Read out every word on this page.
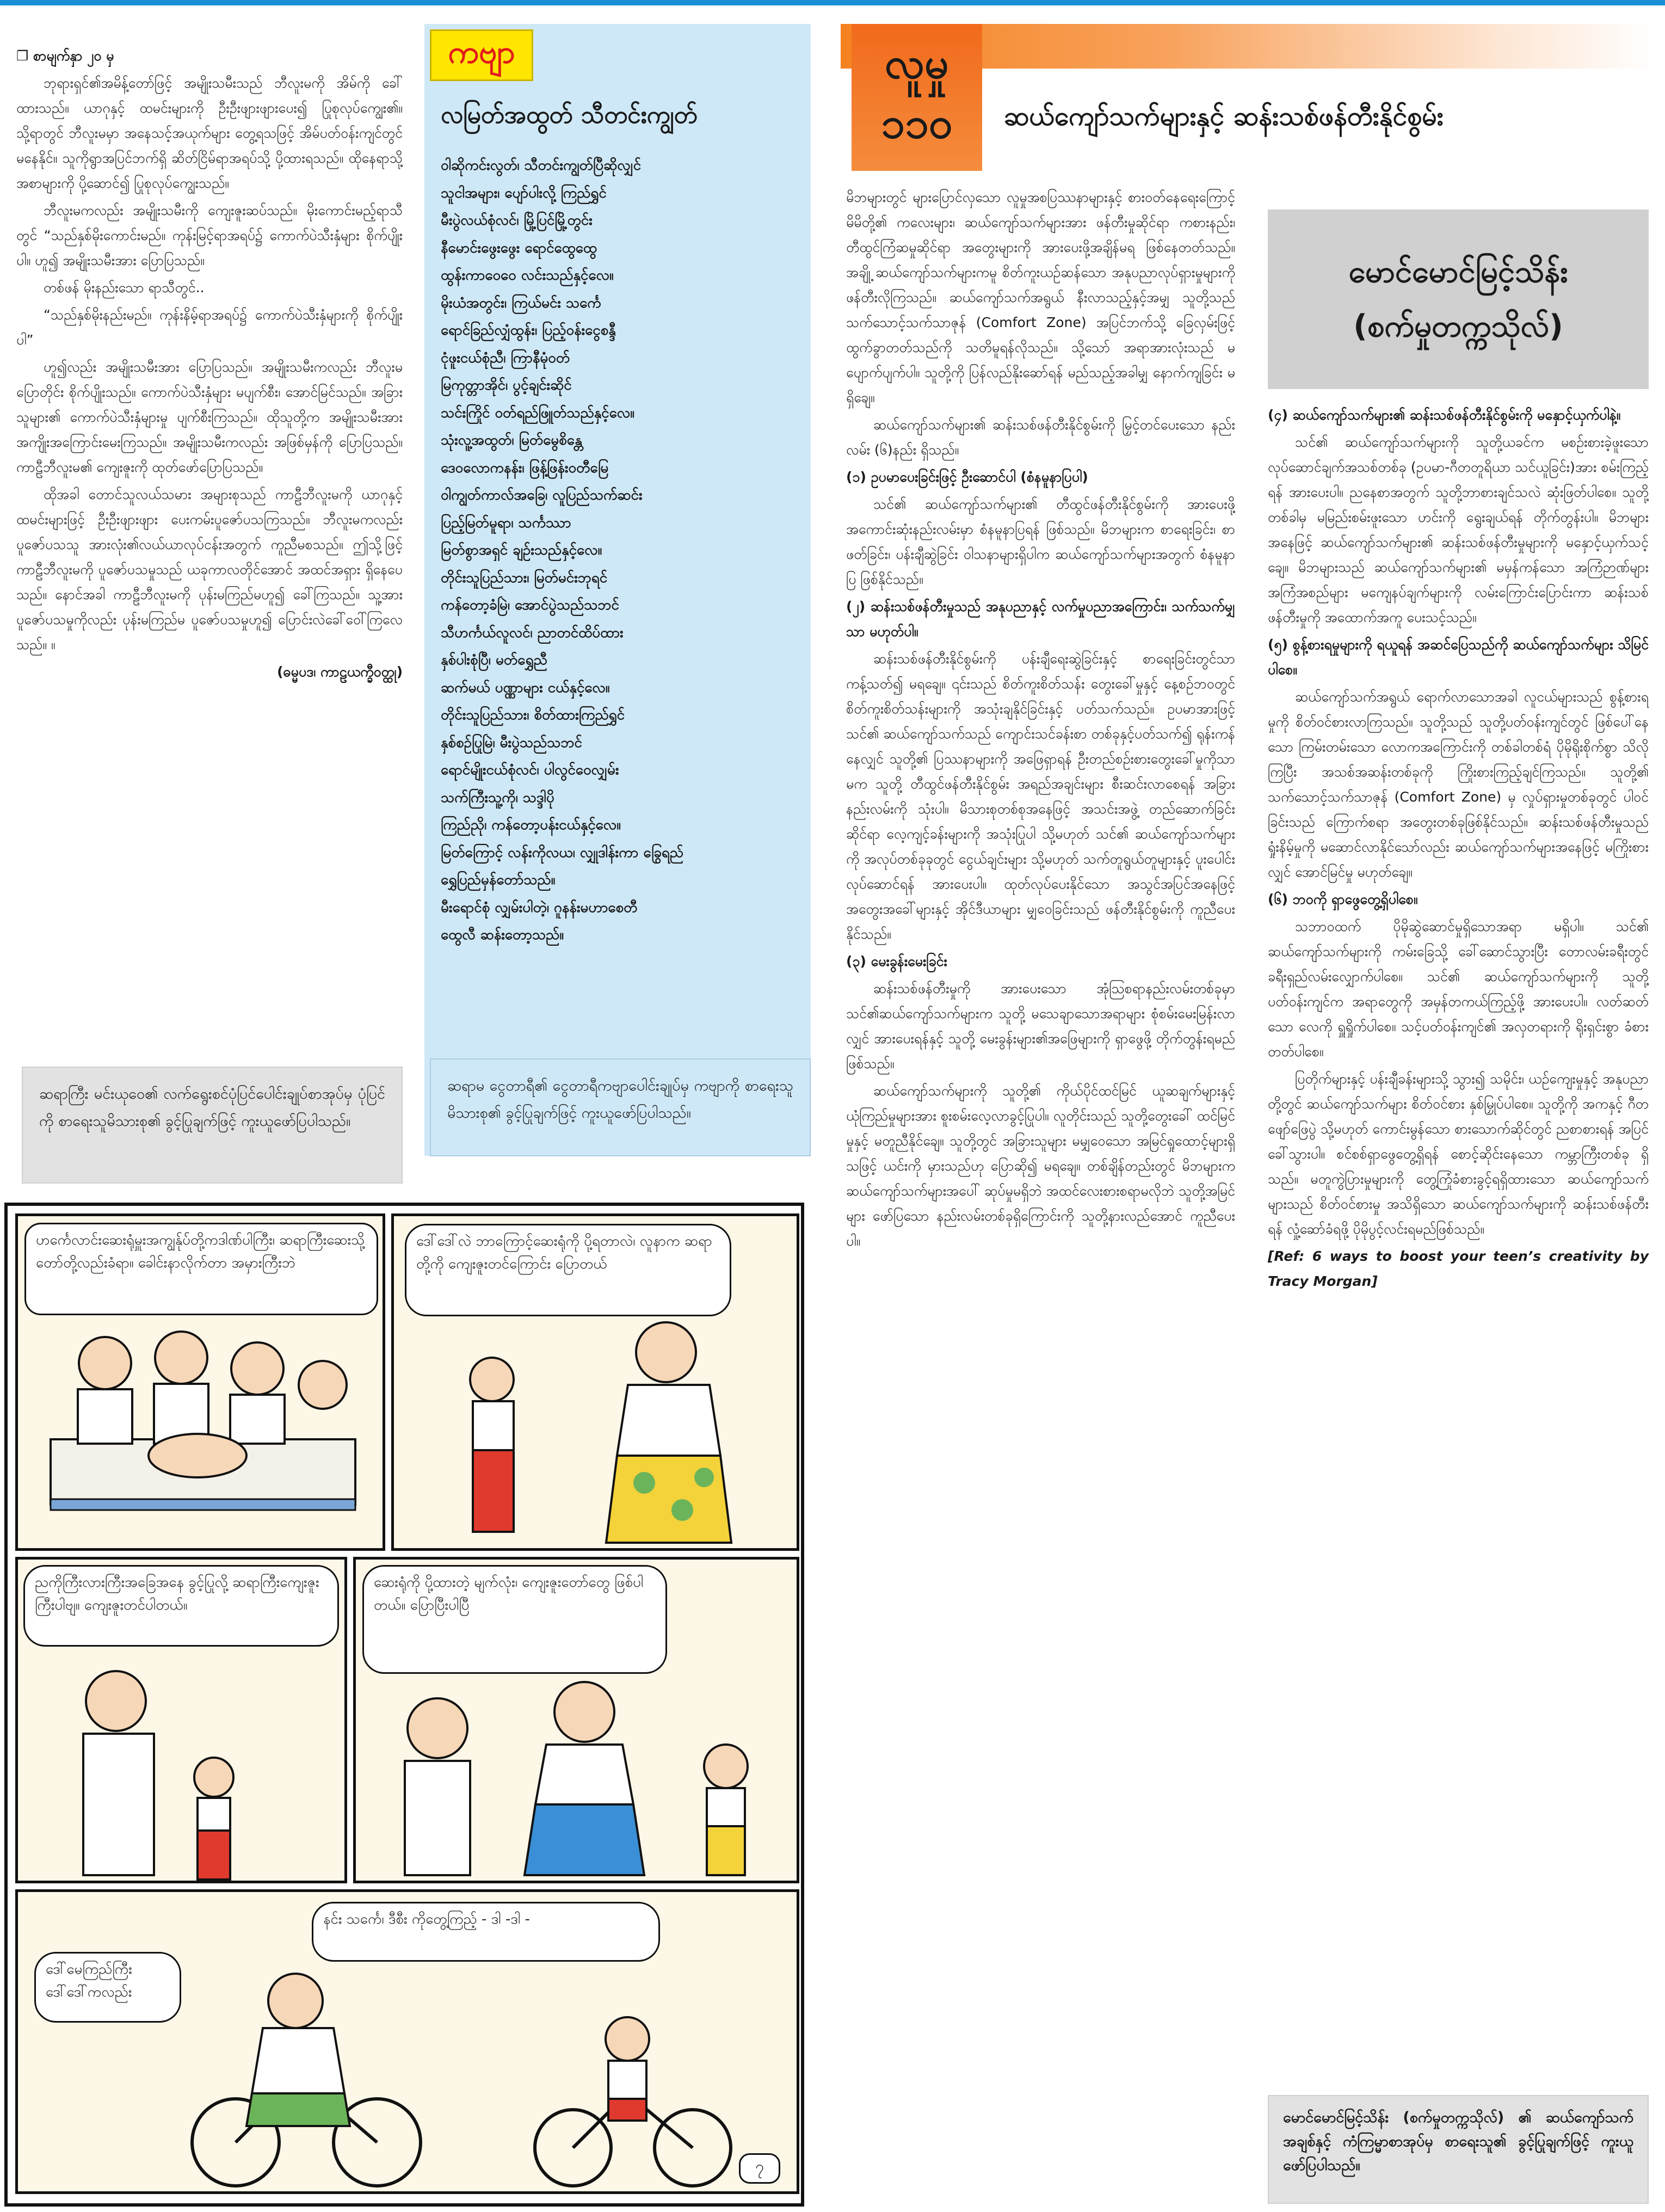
❐ စာမျက်နှာ ၂၀ မှ

ဘုရားရှင်၏အမိန့်တော်ဖြင့် အမျိုးသမီးသည် ဘီလူးမကို အိမ်ကို ခေါ်ထားသည်။ ယာဂုနှင့် ထမင်းများကို ဦးဦးဖျားဖျားပေး၍ ပြုစုလုပ်ကျွေး၏။ သို့ရာတွင် ဘီလူးမမှာ အနေသင့်အယုက်များ တွေ့ရသဖြင့် အိမ်ပတ်ဝန်းကျင်တွင် မနေနိုင်။ သူကိုရွာအပြင်ဘက်ရှိ ဆိတ်ငြိမ်ရာအရပ်သို့ ပို့ထားရသည်။ ထိုနေရာသို့ အစာများကို ပို့ဆောင်၍ ပြုစုလုပ်ကျွေးသည်။

ဘီလူးမကလည်း အမျိုးသမီးကို ကျေးဇူးဆပ်သည်။ မိုးကောင်းမည့်ရာသီတွင် “သည်နှစ်မိုးကောင်းမည်။ ကုန်းမြင့်ရာအရပ်၌ ကောက်ပဲသီးနှံများ စိုက်ပျိုးပါ။ ဟူ၍ အမျိုးသမီးအား ပြောပြသည်။

တစ်ဖန် မိုးနည်းသော ရာသီတွင်..

“သည်နှစ်မိုးနည်းမည်။ ကုန်းနိမ့်ရာအရပ်၌ ကောက်ပဲသီးနှံများကို စိုက်ပျိုးပါ”

ဟူ၍လည်း အမျိုးသမီးအား ပြောပြသည်။ အမျိုးသမီးကလည်း ဘီလူးမပြောတိုင်း စိုက်ပျိုးသည်။ ကောက်ပဲသီးနှံများ မပျက်စီး၊ အောင်မြင်သည်။ အခြားသူများ၏ ကောက်ပဲသီးနှံများမှု ပျက်စီးကြသည်။ ထိုသူတို့က အမျိုးသမီးအား အကျိုးအကြောင်းမေးကြသည်။ အမျိုးသမီးကလည်း အဖြစ်မှန်ကို ပြောပြသည်။ ကာဠီဘီလူးမ၏ ကျေးဇူးကို ထုတ်ဖော်ပြောပြသည်။

ထိုအခါ တောင်သူလယ်သမား အများစုသည် ကာဠီဘီလူးမကို ယာဂုနှင့် ထမင်းများဖြင့် ဦးဦးဖျားဖျား ပေးကမ်းပူဇော်ပသကြသည်။ ဘီလူးမကလည်း ပူဇော်ပသသူ အားလုံး၏လယ်ယာလုပ်ငန်းအတွက် ကူညီမစသည်။ ဤသို့ဖြင့် ကာဠီဘီလူးမကို ပူဇော်ပသမှုသည် ယခုကာလတိုင်အောင် အထင်အရှား ရှိနေပေသည်။ နောင်အခါ ကာဠီဘီလူးမကို ပုန်းမကြည်မဟူ၍ ခေါ်ကြသည်။ သူ့အား ပူဇော်ပသမှုကိုလည်း ပုန်းမကြည်မ ပူဇော်ပသမှုဟူ၍ ပြောင်းလဲခေါ်ဝေါ်ကြလေသည်။ ။

(ဓမ္မပဒ၊ ကာဠယက္ခီဝတ္ထု)

ဆရာကြီး မင်းယုဝေ၏ လက်ရွေးစင်ပုံပြင်ပေါင်းချုပ်စာအုပ်မှ ပုံပြင်ကို စာရေးသူမိသားစု၏ ခွင့်ပြုချက်ဖြင့် ကူးယူဖော်ပြပါသည်။
ကဗျာ
လမြတ်အထွတ် သီတင်းကျွတ်
ဝါဆိုကင်းလွတ်၊ သီတင်းကျွတ်ပြီဆိုလျှင်
သူငါအများ၊ ပျော်ပါးလို့ ကြည်ရွှင်
မီးပွဲလယ်စုံလင်၊ မြို့ပြင်မြို့တွင်း
နီမောင်းဖွေးဖွေး ရောင်ထွေထွေ
ထွန်းကာဝေဝေ လင်းသည်နှင့်လေ။
မိုးယံအတွင်း၊ ကြယ်မင်း သင်္ကေ
ရောင်ခြည်လျှံထွန်း၊ ပြည့်ဝန်းငွေစန္ဒီ
ငုံဖူးငယ်စုံညီ၊ ကြာနီမုံဝတ်
မြကုတ္တာအိုင်၊ ပွင့်ချင်းဆိုင်
သင်းကြိုင် ဝတ်ရည်ဖြူတ်သည်နှင့်လေ။
သုံးလူ့အထွတ်၊ မြတ်မွေစိန္တေ
ဒေဝလောကနန်း၊ ဖြန့်ဖြန်းဝတီမြေ
ဝါကျွတ်ကာလ်အခြေ၊ လူပြည်သက်ဆင်း
ပြည့်မြတ်မူရာ၊ သင်္ကဿာ
မြတ်စွာအရှင် ချဉ်းသည်နှင့်လေ။
တိုင်းသူပြည်သား၊ မြတ်မင်းဘုရင်
ကန်တော့ခံမြဲ၊ အောင်ပွဲသည်သဘင်
သီဟင်္ကယ်လူလင်၊ ညာတင်ထိပ်ထား
နှစ်ပါးစုံပြီ၊ မတ်ရွှေညီ
ဆက်မယ် ပဏ္ဏာများ ငယ်နှင့်လေ။
တိုင်းသူပြည်သား၊ စိတ်ထားကြည်ရွှင်
နှစ်စဉ်ပြုမြဲ၊ မီးပွဲသည်သဘင်
ရောင်မျိုးငယ်စုံလင်၊ ပါလွင်ဝေလျှမ်း
သက်ကြီးသူ့ကို၊ သဒ္ဒါပို
ကြည်ညို၊ ကန်တော့ပန်းငယ်နှင့်လေ။
မြတ်ကြောင့် လန်းကိုလယ၊ လျှုဒါန်းကာ ခြွေရည်
ရွှေပြည်မှန်တော်သည်။
မီးရောင်စုံ လျှမ်းပါတဲ့၊ ဂူနန်းမဟာစေတီ
ထွေလီ ဆန်းတော့သည်။
ဆရာမ ငွေတာရီ၏ ငွေတာရီကဗျာပေါင်းချုပ်မှ ကဗျာကို စာရေးသူမိသားစု၏ ခွင့်ပြုချက်ဖြင့် ကူးယူဖော်ပြပါသည်။
လူမှု
၁၁၀	ဆယ်ကျော်သက်များနှင့် ဆန်းသစ်ဖန်တီးနိုင်စွမ်း

မိဘများတွင် များပြောင်လှသော လူမှုအစပြဿနာများနှင့် စားဝတ်နေရေးကြောင့် မိမိတို့၏ ကလေးများ၊ ဆယ်ကျော်သက်များအား ဖန်တီးမှုဆိုင်ရာ ကစားနည်း၊ တီထွင်ကြံဆမှုဆိုင်ရာ အတွေးများကို အားပေးဖို့အချိန်မရ ဖြစ်နေတတ်သည်။ အချို့ ဆယ်ကျော်သက်များကမူ စိတ်ကူးယဉ်ဆန်သော အနုပညာလုပ်ရှားမှုများကို ဖန်တီးလိုကြသည်။ ဆယ်ကျော်သက်အရွယ် နီးလာသည့်နှင့်အမျှ သူတို့သည် သက်သောင့်သက်သာဇုန် (Comfort Zone) အပြင်ဘက်သို့ ခြေလှမ်းဖြင့် ထွက်ခွာတတ်သည်ကို သတိမူရန်လိုသည်။ သို့သော် အရာအားလုံးသည် မပျောက်ပျက်ပါ။ သူတို့ကို ပြန်လည်နိုးဆော်ရန် မည်သည့်အခါမျှ နောက်ကျခြင်း မရှိချေ။

ဆယ်ကျော်သက်များ၏ ဆန်းသစ်ဖန်တီးနိုင်စွမ်းကို မြှင့်တင်ပေးသော နည်းလမ်း (၆)နည်း ရှိသည်။

(၁) ဥပမာပေးခြင်းဖြင့် ဦးဆောင်ပါ (စံနမူနာပြပါ)

သင်၏ ဆယ်ကျော်သက်များ၏ တီထွင်ဖန်တီးနိုင်စွမ်းကို အားပေးဖို့ အကောင်းဆုံးနည်းလမ်းမှာ စံနမူနာပြရန် ဖြစ်သည်။ မိဘများက စာရေးခြင်း၊ စာဖတ်ခြင်း၊ ပန်းချီဆွဲခြင်း ဝါသနာများရှိပါက ဆယ်ကျော်သက်များအတွက် စံနမူနာပြ ဖြစ်နိုင်သည်။

(၂) ဆန်းသစ်ဖန်တီးမှုသည် အနုပညာနှင့် လက်မှုပညာအကြောင်း၊ သက်သက်မျှသာ မဟုတ်ပါ။

ဆန်းသစ်ဖန်တီးနိုင်စွမ်းကို ပန်းချီရေးဆွဲခြင်းနှင့် စာရေးခြင်းတွင်သာ ကန့်သတ်၍ မရချေ။ ၎င်းသည် စိတ်ကူးစိတ်သန်း တွေးခေါ်မှုနှင့် နေ့စဉ်ဘဝတွင် စိတ်ကူးစိတ်သန်းများကို အသုံးချနိုင်ခြင်းနှင့် ပတ်သက်သည်။ ဥပမာအားဖြင့် သင်၏ ဆယ်ကျော်သက်သည် ကျောင်းသင်ခန်းစာ တစ်ခုနှင့်ပတ်သက်၍ ရုန်းကန်နေလျှင် သူတို့၏ ပြဿနာများကို အဖြေရှာရန် ဦးတည်စဉ်းစားတွေးခေါ်မှုကိုသာမက သူတို့ တီထွင်ဖန်တီးနိုင်စွမ်း အရည်အချင်းများ စီးဆင်းလာစေရန် အခြားနည်းလမ်းကို သုံးပါ။ မိသားစုတစ်စုအနေဖြင့် အသင်းအဖွဲ့ တည်ဆောက်ခြင်းဆိုင်ရာ လေ့ကျင့်ခန်းများကို အသုံးပြုပါ သို့မဟုတ် သင်၏ ဆယ်ကျော်သက်များကို အလုပ်တစ်ခုခုတွင် ငွေယ်ချင်းများ သို့မဟုတ် သက်တူရွယ်တူများနှင့် ပူးပေါင်းလုပ်ဆောင်ရန် အားပေးပါ။ ထုတ်လုပ်ပေးနိုင်သော အသွင်အပြင်အနေဖြင့် အတွေးအခေါ်များနှင့် အိုင်ဒီယာများ မျှဝေခြင်းသည် ဖန်တီးနိုင်စွမ်းကို ကူညီပေးနိုင်သည်။

(၃) မေးခွန်းမေးခြင်း

ဆန်းသစ်ဖန်တီးမှုကို အားပေးသော အုံသြစရာနည်းလမ်းတစ်ခုမှာ သင်၏ဆယ်ကျော်သက်များက သူတို့ မသေချာသောအရာများ စုံစမ်းမေးမြန်းလာလျှင် အားပေးရန်နှင့် သူတို့ မေးခွန်းများ၏အဖြေများကို ရှာဖွေဖို့ တိုက်တွန်းရမည်ဖြစ်သည်။

ဆယ်ကျော်သက်များကို သူတို့၏ ကိုယ်ပိုင်ထင်မြင် ယူဆချက်များနှင့် ယုံကြည်မှုများအား စူးစမ်းလေ့လာခွင့်ပြုပါ။ လူတိုင်းသည် သူတို့တွေးခေါ် ထင်မြင်မှုနှင့် မတူညီနိုင်ချေ။ သူတို့တွင် အခြားသူများ မမျှဝေသော အမြင်ရှုထောင့်များရှိသဖြင့် ယင်းကို မှားသည်ဟု ပြောဆို၍ မရချေ။ တစ်ချိန်တည်းတွင် မိဘများက ဆယ်ကျော်သက်များအပေါ် ဆုပ်မှုမရှိဘဲ အထင်လေးစားစရာမလိုဘဲ သူတို့အမြင်များ ဖော်ပြသော နည်းလမ်းတစ်ခုရှိကြောင်းကို သူတို့နားလည်အောင် ကူညီပေးပါ။

မောင်မောင်မြင့်သိန်း
(စက်မှုတက္ကသိုလ်)

(၄) ဆယ်ကျော်သက်များ၏ ဆန်းသစ်ဖန်တီးနိုင်စွမ်းကို မနှောင့်ယှက်ပါနဲ့။

သင်၏ ဆယ်ကျော်သက်များကို သူတို့ယခင်က မစဉ်းစားခဲ့ဖူးသော လုပ်ဆောင်ချက်အသစ်တစ်ခု (ဥပမာ-ဂီတတူရိယာ သင်ယူခြင်း)အား စမ်းကြည့်ရန် အားပေးပါ။ ညနေစာအတွက် သူတို့ဘာစားချင်သလဲ ဆုံးဖြတ်ပါစေ။ သူတို့တစ်ခါမှ မမြည်းစမ်းဖူးသော ဟင်းကို ရွေးချယ်ရန် တိုက်တွန်းပါ။ မိဘများအနေဖြင့် ဆယ်ကျော်သက်များ၏ ဆန်းသစ်ဖန်တီးမှုများကို မနှောင့်ယှက်သင့်ချေ။ မိဘများသည် ဆယ်ကျော်သက်များ၏ မမှန်ကန်သော အကြံဉာဏ်များ အကြံအစည်များ မကျေနပ်ချက်များကို လမ်းကြောင်းပြောင်းကာ ဆန်းသစ်ဖန်တီးမှုကို အထောက်အကူ ပေးသင့်သည်။

(၅) စွန့်စားရမှုများကို ရယူရန် အဆင်ပြေသည်ကို ဆယ်ကျော်သက်များ သိမြင်ပါစေ။

ဆယ်ကျော်သက်အရွယ် ရောက်လာသောအခါ လူငယ်များသည် စွန့်စားရမှုကို စိတ်ဝင်စားလာကြသည်။ သူတို့သည် သူတို့ပတ်ဝန်းကျင်တွင် ဖြစ်ပေါ်နေသော ကြမ်းတမ်းသော လောကအကြောင်းကို တစ်ခါတစ်ရံ ပိုမိုရိုးစိုက်စွာ သိလိုကြပြီး အသစ်အဆန်းတစ်ခုကို ကြိုးစားကြည့်ချင်ကြသည်။ သူတို့၏ သက်သောင့်သက်သာဇုန် (Comfort Zone) မှ လှုပ်ရှားမှုတစ်ခုတွင် ပါဝင်ခြင်းသည် ကြောက်စရာ အတွေးတစ်ခုဖြစ်နိုင်သည်။ ဆန်းသစ်ဖန်တီးမှုသည် ရှုံးနိမ့်မှုကို မဆောင်လာနိုင်သော်လည်း ဆယ်ကျော်သက်များအနေဖြင့် မကြိုးစားလျှင် အောင်မြင်မှု မဟုတ်ချေ။

(၆) ဘဝကို ရှာဖွေတွေ့ရှိပါစေ။

သဘာဝထက် ပိုမိုဆွဲဆောင်မှုရှိသောအရာ မရှိပါ။ သင်၏ ဆယ်ကျော်သက်များကို ကမ်းခြေသို့ ခေါ်ဆောင်သွားပြီး တောလမ်းခရီးတွင် ခရီးရှည်လမ်းလျှောက်ပါစေ။ သင်၏ ဆယ်ကျော်သက်များကို သူတို့ပတ်ဝန်းကျင်က အရာတွေကို အမှန်တကယ်ကြည့်ဖို့ အားပေးပါ။ လတ်ဆတ်သော လေကို ရှူရှိုက်ပါစေ။ သင့်ပတ်ဝန်းကျင်၏ အလှတရားကို ရိုးရှင်းစွာ ခံစားတတ်ပါစေ။

ပြတိုက်များနှင့် ပန်းချီခန်းများသို့ သွား၍ သမိုင်း၊ ယဉ်ကျေးမှုနှင့် အနုပညာတို့တွင် ဆယ်ကျော်သက်များ စိတ်ဝင်စား နှစ်မြှုပ်ပါစေ။ သူတို့ကို အကနှင့် ဂီတဖျော်ဖြေပွဲ သို့မဟုတ် ကောင်းမွန်သော စားသောက်ဆိုင်တွင် ညစာစားရန် အပြင်ခေါ်သွားပါ။ စင်စစ်ရှာဖွေတွေ့ရှိရန် စောင့်ဆိုင်းနေသော ကမ္ဘာကြီးတစ်ခု ရှိသည်။ မတူကွဲပြားမှုများကို တွေ့ကြုံခံစားခွင့်ရရှိထားသော ဆယ်ကျော်သက်များသည် စိတ်ဝင်စားမှု အသိရှိသော ဆယ်ကျော်သက်များကို ဆန်းသစ်ဖန်တီးရန် လှုံ့ဆော်ခံရဖို့ ပိုမိုပွင့်လင်းရမည်ဖြစ်သည်။

[Ref: 6 ways to boost your teen’s creativity by Tracy Morgan]

မောင်မောင်မြင့်သိန်း (စက်မှုတက္ကသိုလ်) ၏ ဆယ်ကျော်သက်အချစ်နှင့် ကံကြမ္မာစာအုပ်မှ စာရေးသူ၏ ခွင့်ပြုချက်ဖြင့် ကူးယူဖော်ပြပါသည်။
ဟင်္ကေလာင်းဆေးရုံမှူးအကျွန်ုပ်တို့ကဒါဏ်ပါကြီး၊ ဆရာကြီးဆေးသို့ တော်တို့လည်းခံရာ။ ခေါင်းနာလိုက်တာ အမှားကြီးဘဲ
ဒေါ်ဒေါ်လဲ ဘာကြောင့်ဆေးရုံကို ပို့ရတာလဲ၊ လူနာက ဆရာတို့ကို ကျေးဇူးတင်ကြောင်း ပြောတယ်
ညကိုကြီးလားကြီးအခြေအနေ ခွင့်ပြုလို့ ဆရာကြီးကျေးဇူး ကြီးပါဗျ။ ကျေးဇူးတင်ပါတယ်။
ဆေးရုံကို ပို့ထားတဲ့ မျက်လုံး၊ ကျေးဇူးတော်တွေ ဖြစ်ပါတယ်။ ပြောပြီးပါပြီ
နင်း သင်္ကေ၊ ဒီစီး ကိုတွေ့ကြည့် - ဒါ -ဒါ -
ဒေါ်မေကြည်ကြီး ဒေါ်ဒေါ်ကလည်း
၇
